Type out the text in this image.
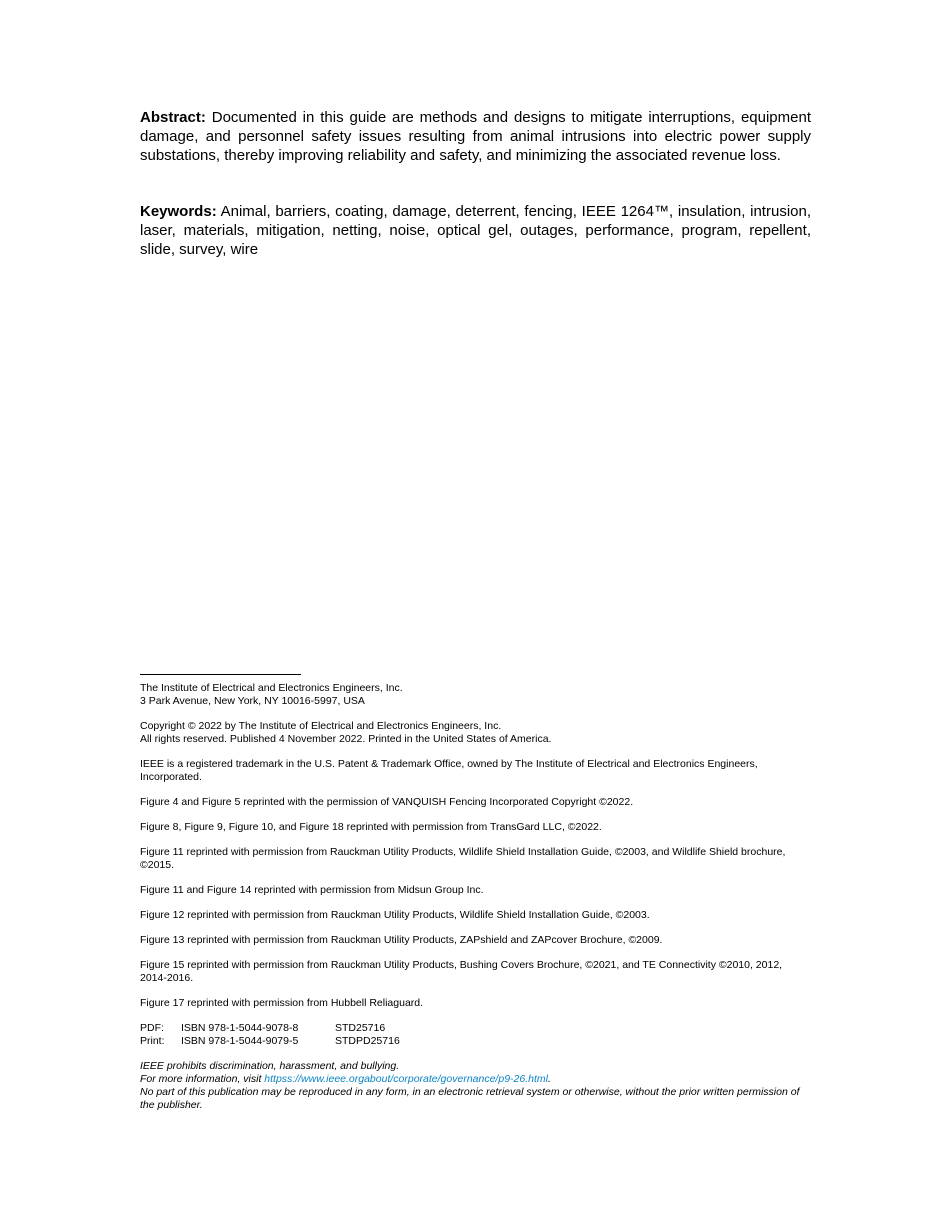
Abstract: Documented in this guide are methods and designs to mitigate interruptions, equipment damage, and personnel safety issues resulting from animal intrusions into electric power supply substations, thereby improving reliability and safety, and minimizing the associated revenue loss.
Keywords: Animal, barriers, coating, damage, deterrent, fencing, IEEE 1264™, insulation, intrusion, laser, materials, mitigation, netting, noise, optical gel, outages, performance, program, repellent, slide, survey, wire

The Institute of Electrical and Electronics Engineers, Inc.
3 Park Avenue, New York, NY 10016-5997, USA

Copyright © 2022 by The Institute of Electrical and Electronics Engineers, Inc.
All rights reserved. Published 4 November 2022. Printed in the United States of America.

IEEE is a registered trademark in the U.S. Patent & Trademark Office, owned by The Institute of Electrical and Electronics Engineers, Incorporated.

Figure 4 and Figure 5 reprinted with the permission of VANQUISH Fencing Incorporated Copyright ©2022.

Figure 8, Figure 9, Figure 10, and Figure 18 reprinted with permission from TransGard LLC, ©2022.

Figure 11 reprinted with permission from Rauckman Utility Products, Wildlife Shield Installation Guide, ©2003, and Wildlife Shield brochure, ©2015.

Figure 11 and Figure 14 reprinted with permission from Midsun Group Inc.

Figure 12 reprinted with permission from Rauckman Utility Products, Wildlife Shield Installation Guide, ©2003.

Figure 13 reprinted with permission from Rauckman Utility Products, ZAPshield and ZAPcover Brochure, ©2009.

Figure 15 reprinted with permission from Rauckman Utility Products, Bushing Covers Brochure, ©2021, and TE Connectivity ©2010, 2012, 2014-2016.

Figure 17 reprinted with permission from Hubbell Reliaguard.

PDF:	ISBN 978-1-5044-9078-8	STD25716
Print:	ISBN 978-1-5044-9079-5	STDPD25716

IEEE prohibits discrimination, harassment, and bullying.

For more information, visit httpss://www.ieee.orgabout/corporate/governance/p9-26.html.

No part of this publication may be reproduced in any form, in an electronic retrieval system or otherwise, without the prior written permission of the publisher.
